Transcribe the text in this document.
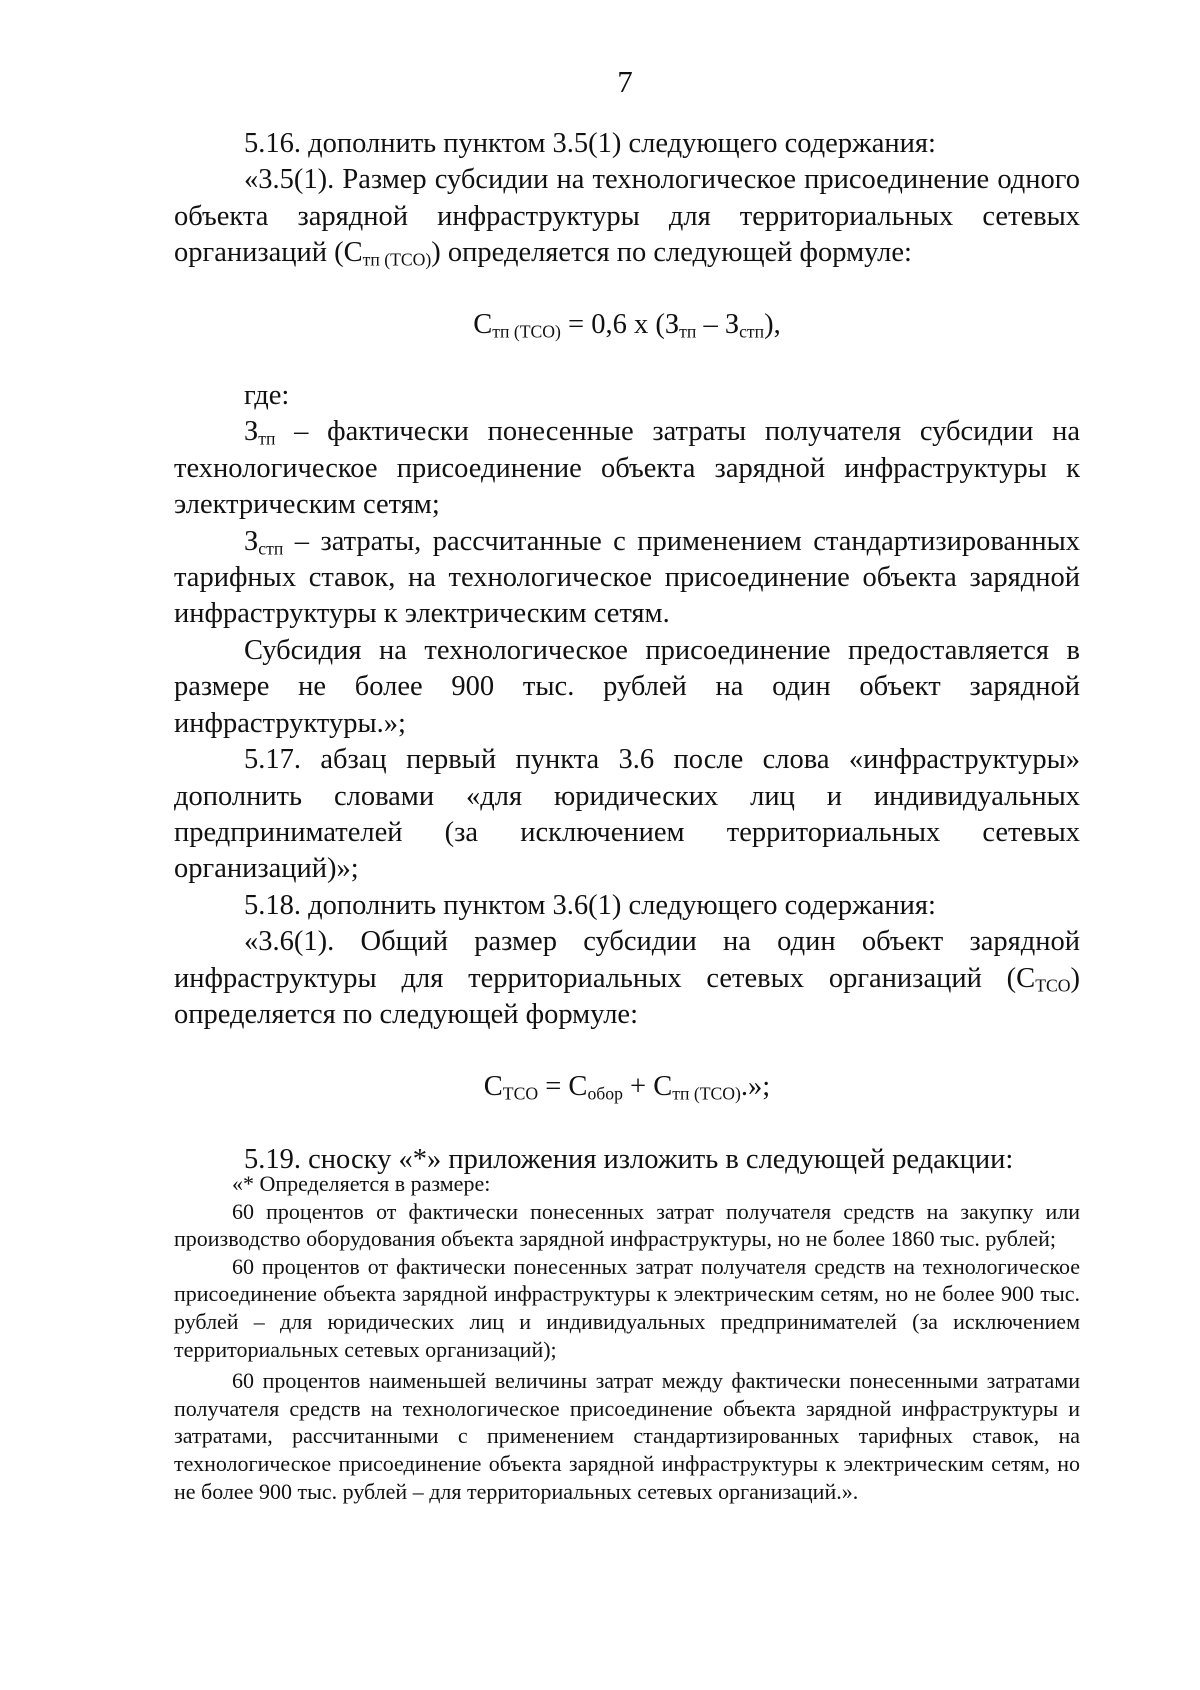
7

5.16. дополнить пунктом 3.5(1) следующего содержания:

«3.5(1). Размер субсидии на технологическое присоединение одного объекта зарядной инфраструктуры для территориальных сетевых организаций $(С_{тп (ТСО)})$ определяется по следующей формуле:

$С_{тп (ТСО)} = 0,6$ х $(З_{тп} - З_{стп})$,

где:

$З_{тп}$ – фактически понесенные затраты получателя субсидии на технологическое присоединение объекта зарядной инфраструктуры к электрическим сетям;

$З_{стп}$ – затраты, рассчитанные с применением стандартизированных тарифных ставок, на технологическое присоединение объекта зарядной инфраструктуры к электрическим сетям.

Субсидия на технологическое присоединение предоставляется в размере не более 900 тыс. рублей на один объект зарядной инфраструктуры.»;

5.17. абзац первый пункта 3.6 после слова «инфраструктуры» дополнить словами «для юридических лиц и индивидуальных предпринимателей (за исключением территориальных сетевых организаций)»;

5.18. дополнить пунктом 3.6(1) следующего содержания:

«3.6(1). Общий размер субсидии на один объект зарядной инфраструктуры для территориальных сетевых организаций $(С_{ТСО})$ определяется по следующей формуле:

$С_{ТСО} = С_{обор} + С_{тп (ТСО)}$.»;

5.19. сноску «*» приложения изложить в следующей редакции:

«* Определяется в размере:

60 процентов от фактически понесенных затрат получателя средств на закупку или производство оборудования объекта зарядной инфраструктуры, но не более 1860 тыс. рублей;

60 процентов от фактически понесенных затрат получателя средств на технологическое присоединение объекта зарядной инфраструктуры к электрическим сетям, но не более 900 тыс. рублей – для юридических лиц и индивидуальных предпринимателей (за исключением территориальных сетевых организаций);

60 процентов наименьшей величины затрат между фактически понесенными затратами получателя средств на технологическое присоединение объекта зарядной инфраструктуры и затратами, рассчитанными с применением стандартизированных тарифных ставок, на технологическое присоединение объекта зарядной инфраструктуры к электрическим сетям, но не более 900 тыс. рублей – для территориальных сетевых организаций.».
